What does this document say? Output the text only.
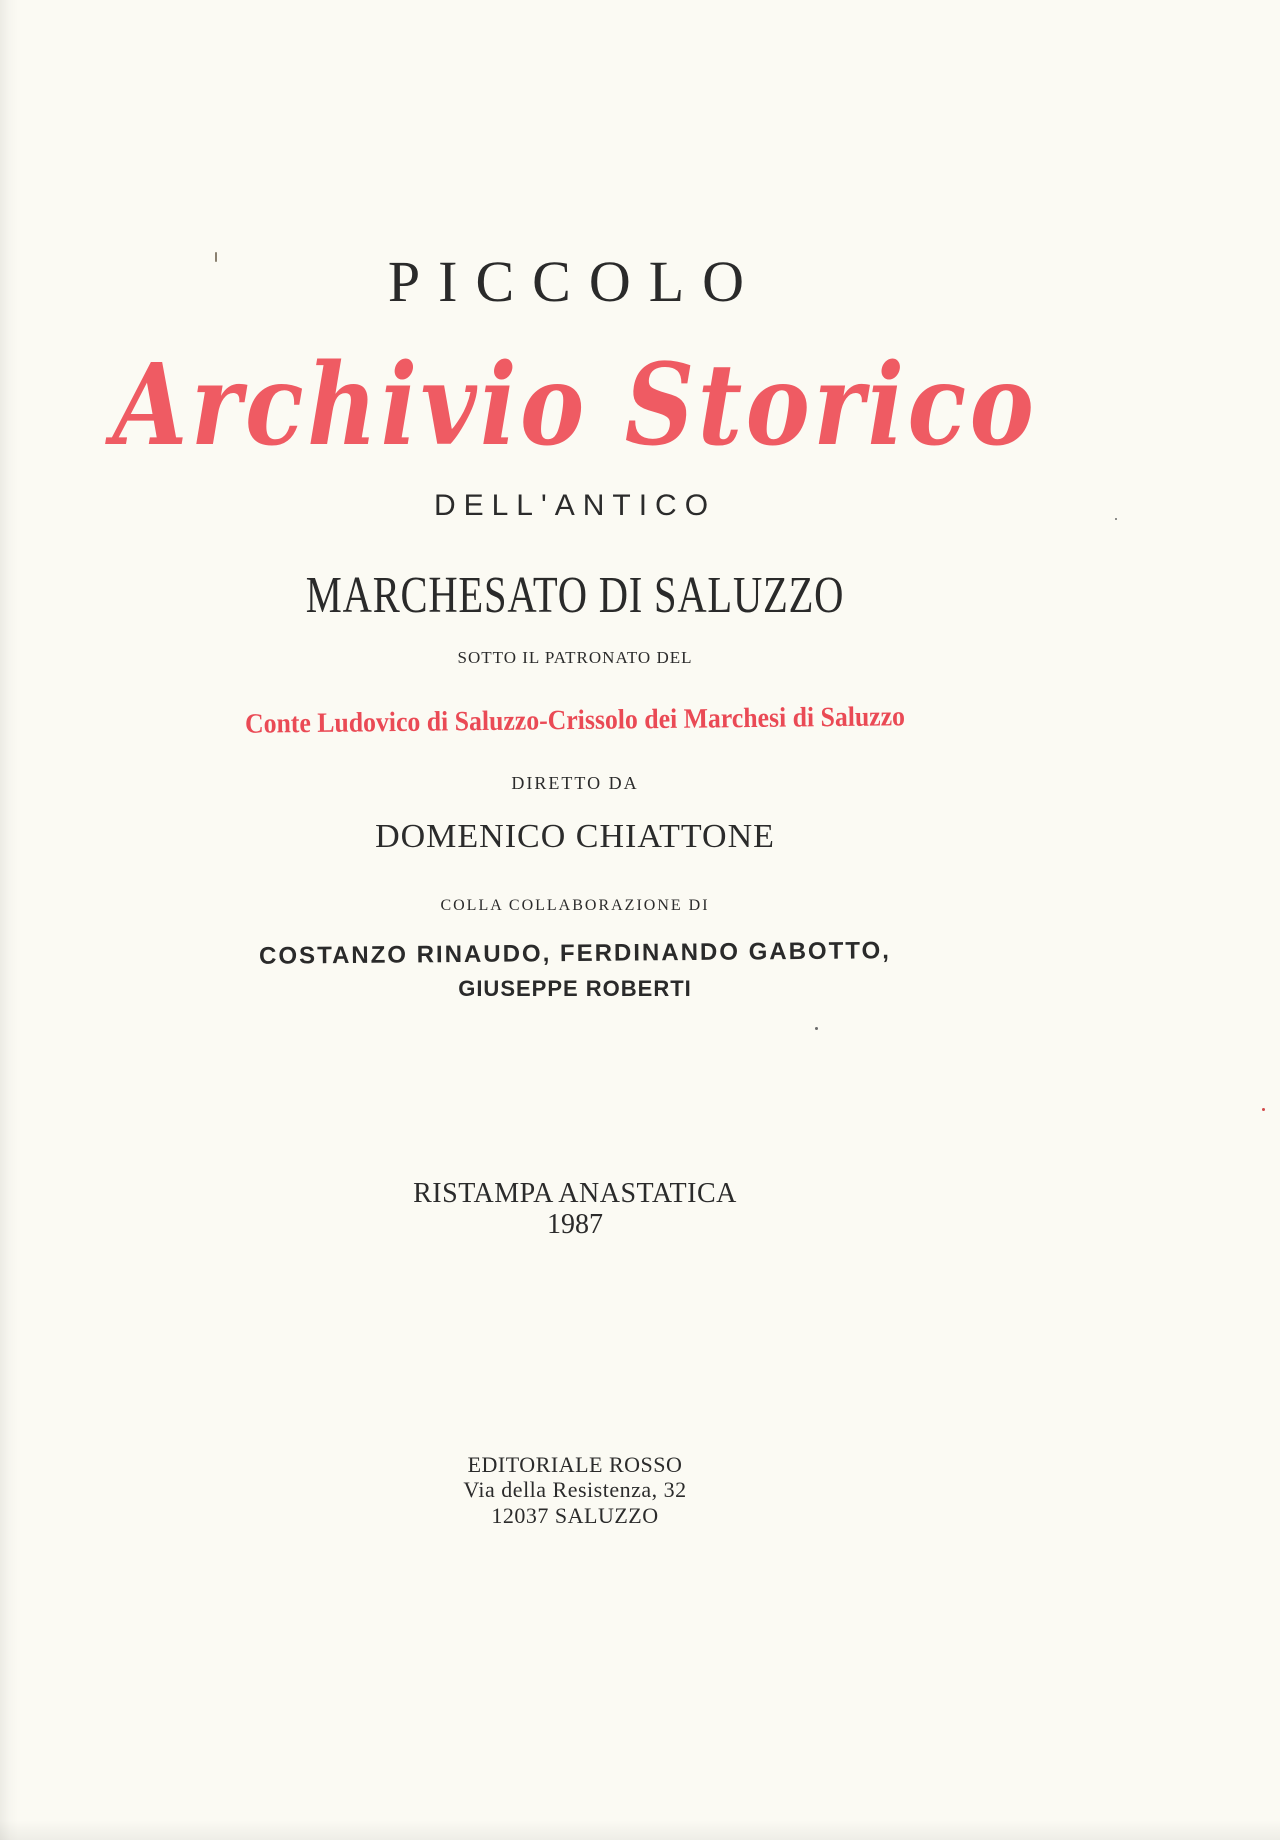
PICCOLO
Archivio Storico
DELL'ANTICO
MARCHESATO DI SALUZZO
SOTTO IL PATRONATO DEL
Conte Ludovico di Saluzzo-Crissolo dei Marchesi di Saluzzo
DIRETTO DA
DOMENICO CHIATTONE
COLLA COLLABORAZIONE DI
COSTANZO RINAUDO, FERDINANDO GABOTTO,
GIUSEPPE ROBERTI
RISTAMPA ANASTATICA
1987
EDITORIALE ROSSO
Via della Resistenza, 32
12037 SALUZZO
